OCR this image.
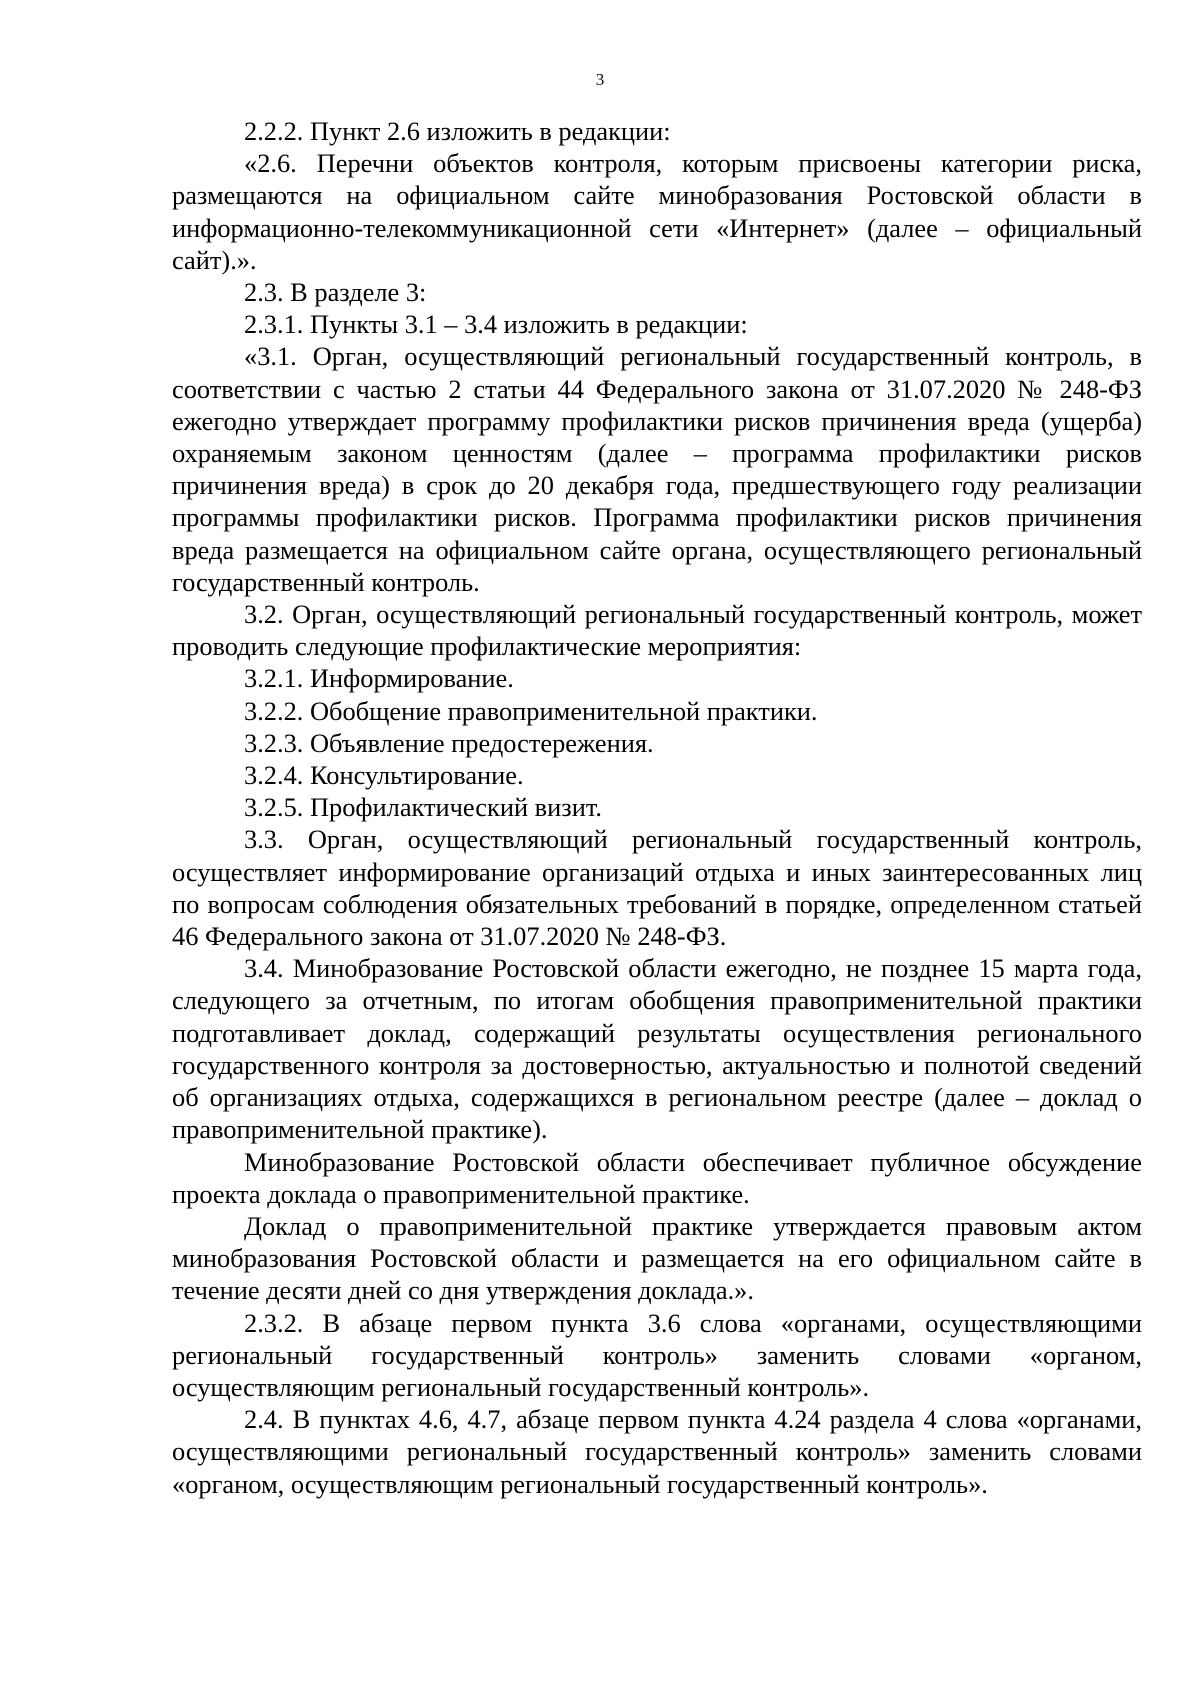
3

2.2.2. Пункт 2.6 изложить в редакции:

«2.6. Перечни объектов контроля, которым присвоены категории риска, размещаются на официальном сайте минобразования Ростовской области в информационно-телекоммуникационной сети «Интернет» (далее – официальный сайт).».

2.3. В разделе 3:

2.3.1. Пункты 3.1 – 3.4 изложить в редакции:

«3.1. Орган, осуществляющий региональный государственный контроль, в соответствии с частью 2 статьи 44 Федерального закона от 31.07.2020 № 248-ФЗ ежегодно утверждает программу профилактики рисков причинения вреда (ущерба) охраняемым законом ценностям (далее – программа профилактики рисков причинения вреда) в срок до 20 декабря года, предшествующего году реализации программы профилактики рисков. Программа профилактики рисков причинения вреда размещается на официальном сайте органа, осуществляющего региональный государственный контроль.

3.2. Орган, осуществляющий региональный государственный контроль, может проводить следующие профилактические мероприятия:

3.2.1. Информирование.

3.2.2. Обобщение правоприменительной практики.

3.2.3. Объявление предостережения.

3.2.4. Консультирование.

3.2.5. Профилактический визит.

3.3. Орган, осуществляющий региональный государственный контроль, осуществляет информирование организаций отдыха и иных заинтересованных лиц по вопросам соблюдения обязательных требований в порядке, определенном статьей 46 Федерального закона от 31.07.2020 № 248-ФЗ.

3.4. Минобразование Ростовской области ежегодно, не позднее 15 марта года, следующего за отчетным, по итогам обобщения правоприменительной практики подготавливает доклад, содержащий результаты осуществления регионального государственного контроля за достоверностью, актуальностью и полнотой сведений об организациях отдыха, содержащихся в региональном реестре (далее – доклад о правоприменительной практике).

Минобразование Ростовской области обеспечивает публичное обсуждение проекта доклада о правоприменительной практике.

Доклад о правоприменительной практике утверждается правовым актом минобразования Ростовской области и размещается на его официальном сайте в течение десяти дней со дня утверждения доклада.».

2.3.2. В абзаце первом пункта 3.6 слова «органами, осуществляющими региональный государственный контроль» заменить словами «органом, осуществляющим региональный государственный контроль».

2.4. В пунктах 4.6, 4.7, абзаце первом пункта 4.24 раздела 4 слова «органами, осуществляющими региональный государственный контроль» заменить словами «органом, осуществляющим региональный государственный контроль».
